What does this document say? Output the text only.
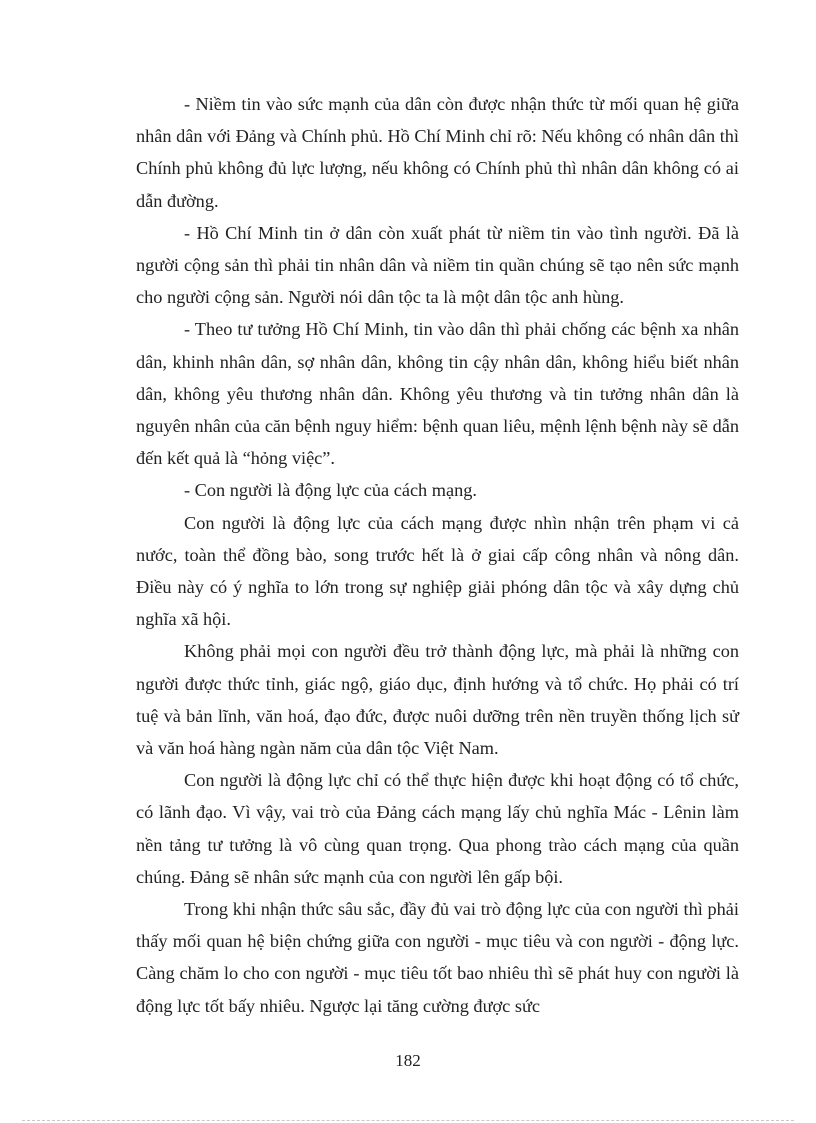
- Niềm tin vào sức mạnh của dân còn được nhận thức từ mối quan hệ giữa nhân dân với Đảng và Chính phủ. Hồ Chí Minh chỉ rõ: Nếu không có nhân dân thì Chính phủ không đủ lực lượng, nếu không có Chính phủ thì nhân dân không có ai dẫn đường.

- Hồ Chí Minh tin ở dân còn xuất phát từ niềm tin vào tình người. Đã là người cộng sản thì phải tin nhân dân và niềm tin quần chúng sẽ tạo nên sức mạnh cho người cộng sản. Người nói dân tộc ta là một dân tộc anh hùng.

- Theo tư tưởng Hồ Chí Minh, tin vào dân thì phải chống các bệnh xa nhân dân, khinh nhân dân, sợ nhân dân, không tin cậy nhân dân, không hiểu biết nhân dân, không yêu thương nhân dân. Không yêu thương và tin tưởng nhân dân là nguyên nhân của căn bệnh nguy hiểm: bệnh quan liêu, mệnh lệnh bệnh này sẽ dẫn đến kết quả là “hỏng việc”.

- Con người là động lực của cách mạng.

Con người là động lực của cách mạng được nhìn nhận trên phạm vi cả nước, toàn thể đồng bào, song trước hết là ở giai cấp công nhân và nông dân. Điều này có ý nghĩa to lớn trong sự nghiệp giải phóng dân tộc và xây dựng chủ nghĩa xã hội.

Không phải mọi con người đều trở thành động lực, mà phải là những con người được thức tỉnh, giác ngộ, giáo dục, định hướng và tổ chức. Họ phải có trí tuệ và bản lĩnh, văn hoá, đạo đức, được nuôi dưỡng trên nền truyền thống lịch sử và văn hoá hàng ngàn năm của dân tộc Việt Nam.

Con người là động lực chỉ có thể thực hiện được khi hoạt động có tổ chức, có lãnh đạo. Vì vậy, vai trò của Đảng cách mạng lấy chủ nghĩa Mác - Lênin làm nền tảng tư tưởng là vô cùng quan trọng. Qua phong trào cách mạng của quần chúng. Đảng sẽ nhân sức mạnh của con người lên gấp bội.

Trong khi nhận thức sâu sắc, đầy đủ vai trò động lực của con người thì phải thấy mối quan hệ biện chứng giữa con người - mục tiêu và con người - động lực. Càng chăm lo cho con người - mục tiêu tốt bao nhiêu thì sẽ phát huy con người là động lực tốt bấy nhiêu. Ngược lại tăng cường được sức

182
